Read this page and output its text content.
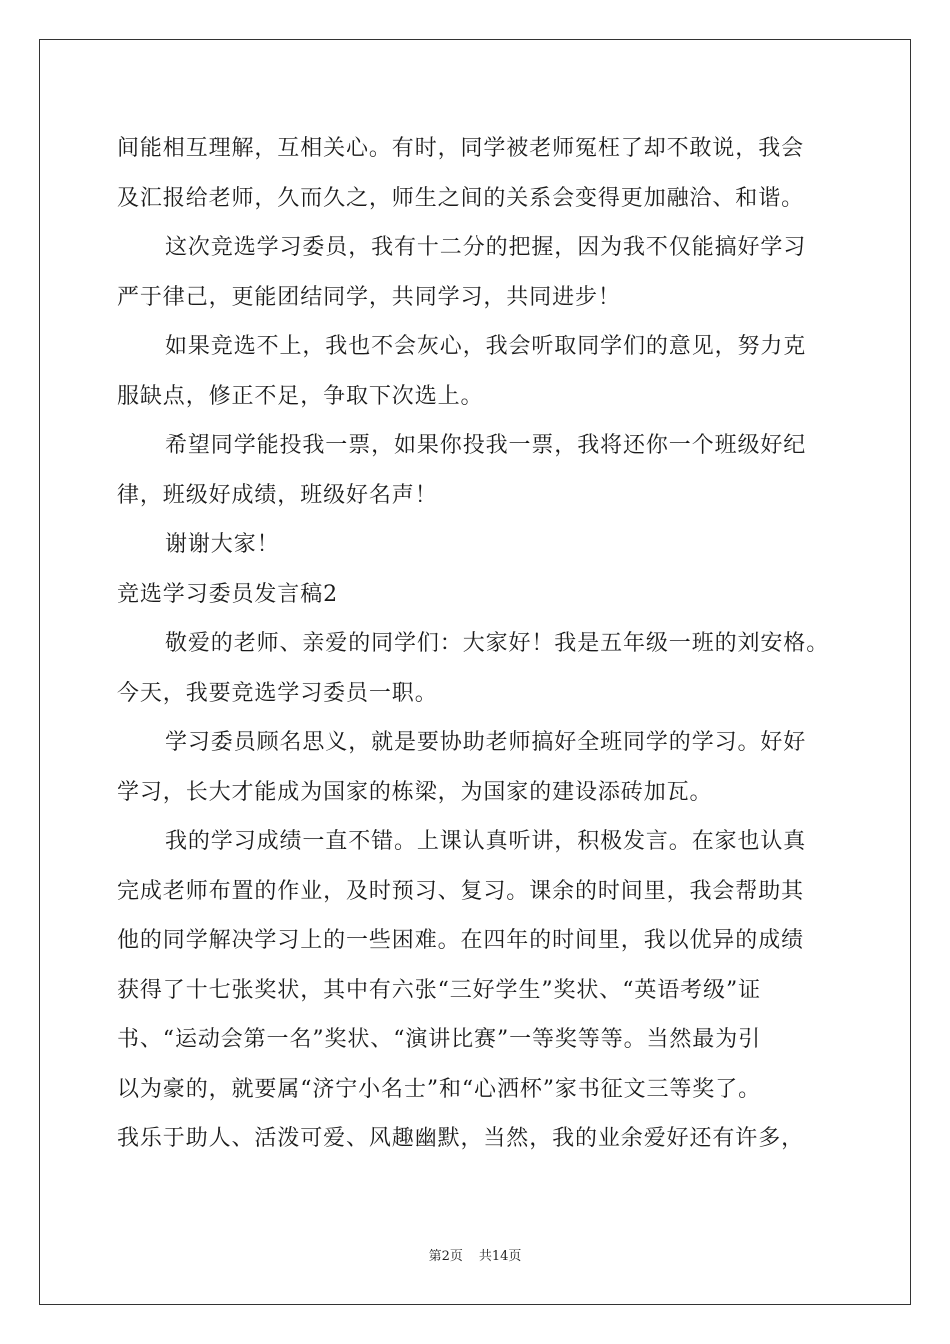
间能相互理解，互相关心。有时，同学被老师冤枉了却不敢说，我会
及汇报给老师，久而久之，师生之间的关系会变得更加融洽、和谐。
这次竞选学习委员，我有十二分的把握，因为我不仅能搞好学习
严于律己，更能团结同学，共同学习，共同进步！
如果竞选不上，我也不会灰心，我会听取同学们的意见，努力克
服缺点，修正不足，争取下次选上。
希望同学能投我一票，如果你投我一票，我将还你一个班级好纪
律，班级好成绩，班级好名声！
谢谢大家！
竞选学习委员发言稿2
敬爱的老师、亲爱的同学们：大家好！我是五年级一班的刘安格。
今天，我要竞选学习委员一职。
学习委员顾名思义，就是要协助老师搞好全班同学的学习。好好
学习，长大才能成为国家的栋梁，为国家的建设添砖加瓦。
我的学习成绩一直不错。上课认真听讲，积极发言。在家也认真
完成老师布置的作业，及时预习、复习。课余的时间里，我会帮助其
他的同学解决学习上的一些困难。在四年的时间里，我以优异的成绩
获得了十七张奖状，其中有六张“三好学生”奖状、“英语考级”证
书、“运动会第一名”奖状、“演讲比赛”一等奖等等。当然最为引
以为豪的，就要属“济宁小名士”和“心洒杯”家书征文三等奖了。
我乐于助人、活泼可爱、风趣幽默，当然，我的业余爱好还有许多，
第2页 共14页
